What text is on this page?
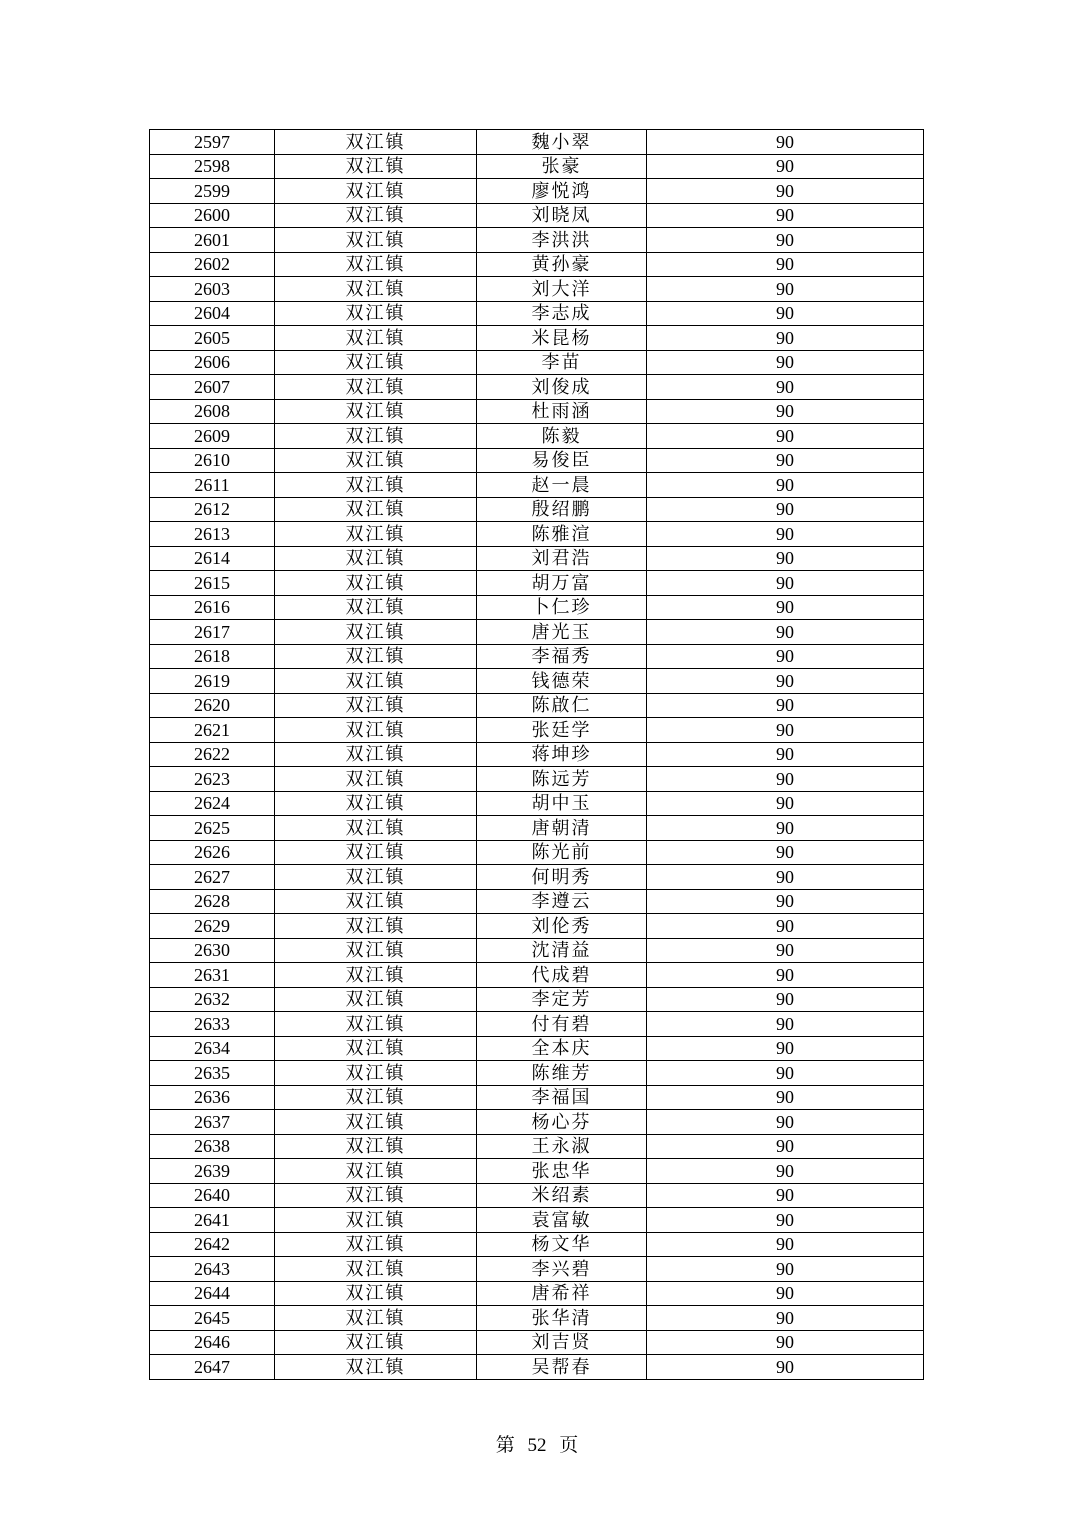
2597	双江镇	魏小翠	90
2598	双江镇	张豪	90
2599	双江镇	廖悦鸿	90
2600	双江镇	刘晓凤	90
2601	双江镇	李洪洪	90
2602	双江镇	黄孙豪	90
2603	双江镇	刘大洋	90
2604	双江镇	李志成	90
2605	双江镇	米昆杨	90
2606	双江镇	李苗	90
2607	双江镇	刘俊成	90
2608	双江镇	杜雨涵	90
2609	双江镇	陈毅	90
2610	双江镇	易俊臣	90
2611	双江镇	赵一晨	90
2612	双江镇	殷绍鹏	90
2613	双江镇	陈雅渲	90
2614	双江镇	刘君浩	90
2615	双江镇	胡万富	90
2616	双江镇	卜仁珍	90
2617	双江镇	唐光玉	90
2618	双江镇	李福秀	90
2619	双江镇	钱德荣	90
2620	双江镇	陈啟仁	90
2621	双江镇	张廷学	90
2622	双江镇	蒋坤珍	90
2623	双江镇	陈远芳	90
2624	双江镇	胡中玉	90
2625	双江镇	唐朝清	90
2626	双江镇	陈光前	90
2627	双江镇	何明秀	90
2628	双江镇	李遵云	90
2629	双江镇	刘伦秀	90
2630	双江镇	沈清益	90
2631	双江镇	代成碧	90
2632	双江镇	李定芳	90
2633	双江镇	付有碧	90
2634	双江镇	全本庆	90
2635	双江镇	陈维芳	90
2636	双江镇	李福国	90
2637	双江镇	杨心芬	90
2638	双江镇	王永淑	90
2639	双江镇	张忠华	90
2640	双江镇	米绍素	90
2641	双江镇	袁富敏	90
2642	双江镇	杨文华	90
2643	双江镇	李兴碧	90
2644	双江镇	唐希祥	90
2645	双江镇	张华清	90
2646	双江镇	刘吉贤	90
2647	双江镇	吴帮春	90
第 52 页
